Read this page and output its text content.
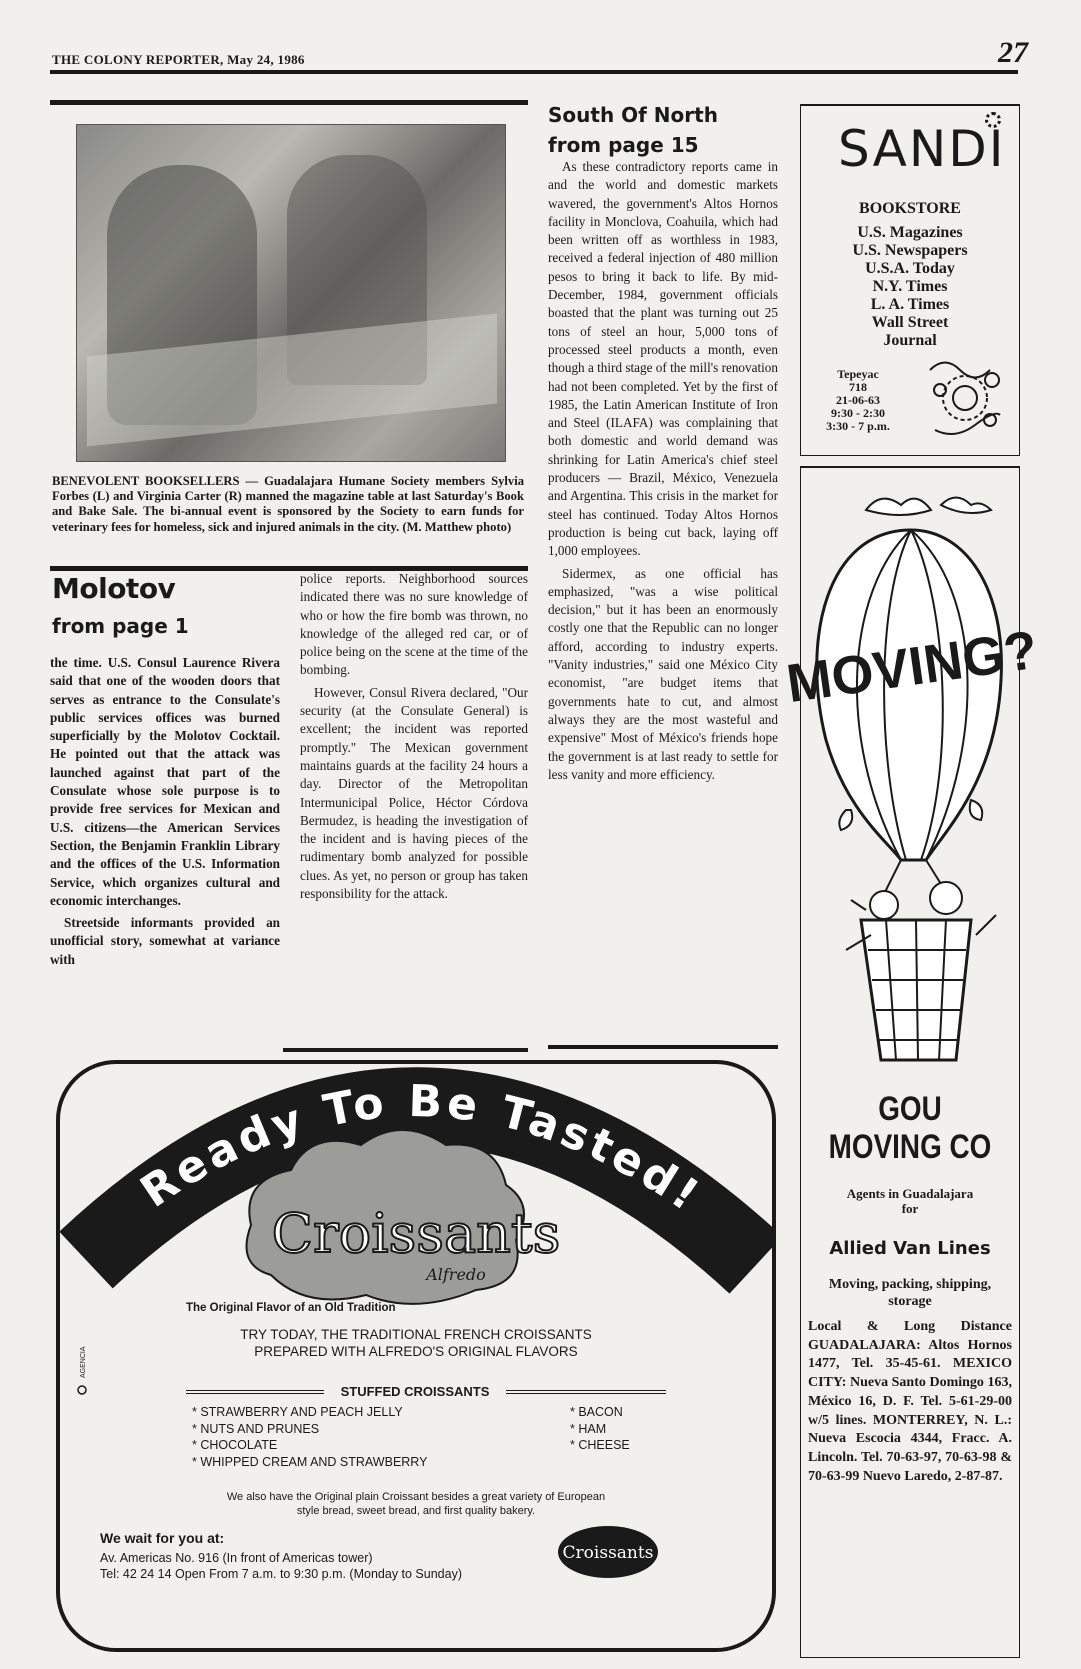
THE COLONY REPORTER, May 24, 1986	27
BENEVOLENT BOOKSELLERS — Guadalajara Humane Society members Sylvia Forbes (L) and Virginia Carter (R) manned the magazine table at last Saturday's Book and Bake Sale. The bi-annual event is sponsored by the Society to earn funds for veterinary fees for homeless, sick and injured animals in the city. (M. Matthew photo)
Molotov
from page 1

the time. U.S. Consul Laurence Rivera said that one of the wooden doors that serves as entrance to the Consulate's public services offices was burned superficially by the Molotov Cocktail. He pointed out that the attack was launched against that part of the Consulate whose sole purpose is to provide free services for Mexican and U.S. citizens—the American Services Section, the Benjamin Franklin Library and the offices of the U.S. Information Service, which organizes cultural and economic interchanges.

Streetside informants provided an unofficial story, somewhat at variance with

police reports. Neighborhood sources indicated there was no sure knowledge of who or how the fire bomb was thrown, no knowledge of the alleged red car, or of police being on the scene at the time of the bombing.

However, Consul Rivera declared, "Our security (at the Consulate General) is excellent; the incident was reported promptly." The Mexican government maintains guards at the facility 24 hours a day. Director of the Metropolitan Intermunicipal Police, Héctor Córdova Bermudez, is heading the investigation of the incident and is having pieces of the rudimentary bomb analyzed for possible clues. As yet, no person or group has taken responsibility for the attack.

South Of North
from page 15

As these contradictory reports came in and the world and domestic markets wavered, the government's Altos Hornos facility in Monclova, Coahuila, which had been written off as worthless in 1983, received a federal injection of 480 million pesos to bring it back to life. By mid-December, 1984, government officials boasted that the plant was turning out 25 tons of steel an hour, 5,000 tons of processed steel products a month, even though a third stage of the mill's renovation had not been completed. Yet by the first of 1985, the Latin American Institute of Iron and Steel (ILAFA) was complaining that both domestic and world demand was shrinking for Latin America's chief steel producers — Brazil, México, Venezuela and Argentina. This crisis in the market for steel has continued. Today Altos Hornos production is being cut back, laying off 1,000 employees.

Sidermex, as one official has emphasized, "was a wise political decision," but it has been an enormously costly one that the Republic can no longer afford, according to industry experts. "Vanity industries," said one México City economist, "are budget items that governments hate to cut, and almost always they are the most wasteful and expensive" Most of México's friends hope the government is at last ready to settle for less vanity and more efficiency.

SANDI
BOOKSTORE
U.S. Magazines
U.S. Newspapers
U.S.A. Today
N.Y. Times
L. A. Times
Wall Street
Journal
Tepeyac
718
21-06-63
9:30 - 2:30
3:30 - 7 p.m.
MOVING?
GOU
MOVING CO
Agents in Guadalajara
for
Allied Van Lines
Moving, packing, shipping, storage
Local & Long Distance GUADALAJARA: Altos Hornos 1477, Tel. 35-45-61. MEXICO CITY: Nueva Santo Domingo 163, México 16, D. F. Tel. 5-61-29-00 w/5 lines. MONTERREY, N. L.: Nueva Escocia 4344, Fracc. A. Lincoln. Tel. 70-63-97, 70-63-98 & 70-63-99 Nuevo Laredo, 2-87-87.
Ready To Be Tasted!
Croissants
Alfredo
The Original Flavor of an Old Tradition
TRY TODAY, THE TRADITIONAL FRENCH CROISSANTS
PREPARED WITH ALFREDO'S ORIGINAL FLAVORS
STUFFED CROISSANTS
* STRAWBERRY AND PEACH JELLY
* NUTS AND PRUNES
* CHOCOLATE
* WHIPPED CREAM AND STRAWBERRY
* BACON
* HAM
* CHEESE
We also have the Original plain Croissant besides a great variety of European
style bread, sweet bread, and first quality bakery.
We wait for you at:
Av. Americas No. 916 (In front of Americas tower)
Tel: 42 24 14 Open From 7 a.m. to 9:30 p.m. (Monday to Sunday)
Croissants
AGENCIA
